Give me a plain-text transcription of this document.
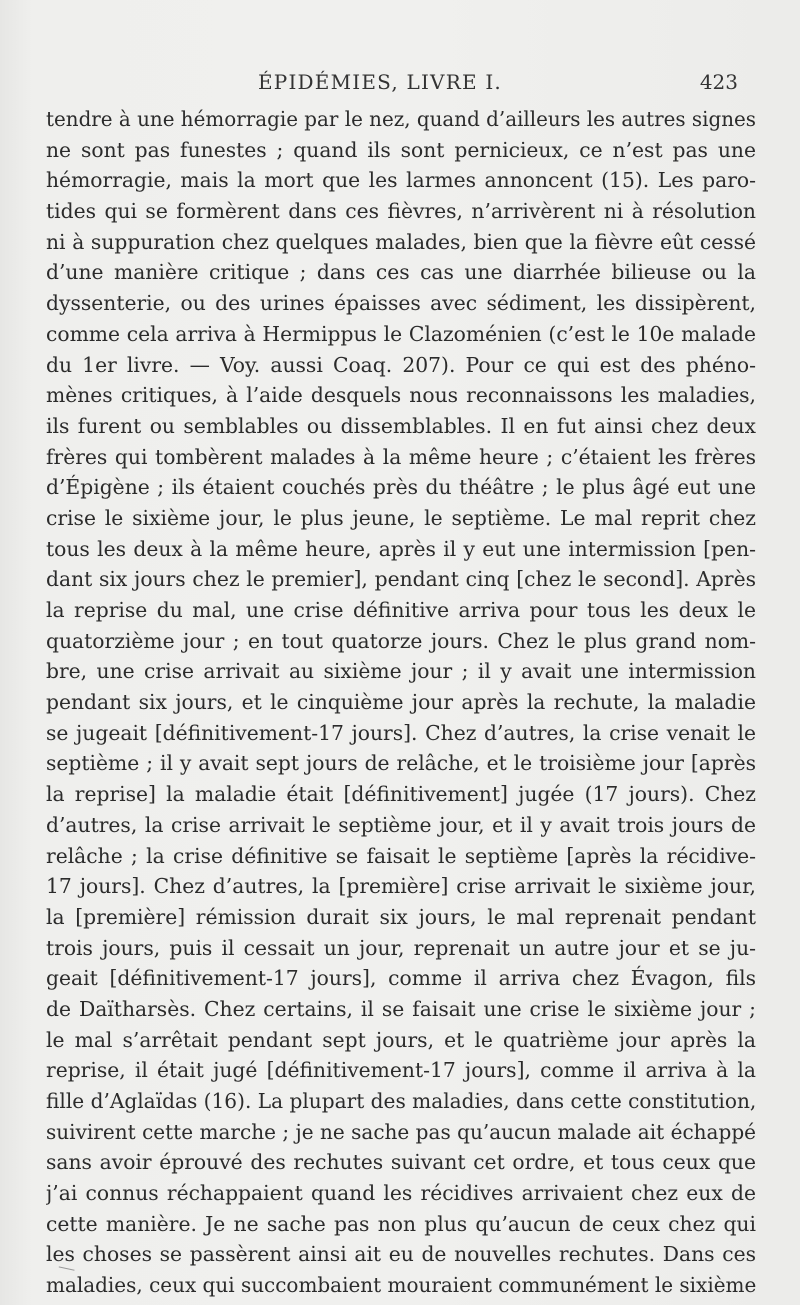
ÉPIDÉMIES, LIVRE I.	423
tendre à une hémorragie par le nez, quand d’ailleurs les autres signes
ne sont pas funestes ; quand ils sont pernicieux, ce n’est pas une
hémorragie, mais la mort que les larmes annoncent (15). Les paro-
tides qui se formèrent dans ces fièvres, n’arrivèrent ni à résolution
ni à suppuration chez quelques malades, bien que la fièvre eût cessé
d’une manière critique ; dans ces cas une diarrhée bilieuse ou la
dyssenterie, ou des urines épaisses avec sédiment, les dissipèrent,
comme cela arriva à Hermippus le Clazoménien (c’est le 10e malade
du 1er livre. — Voy. aussi Coaq. 207). Pour ce qui est des phéno-
mènes critiques, à l’aide desquels nous reconnaissons les maladies,
ils furent ou semblables ou dissemblables. Il en fut ainsi chez deux
frères qui tombèrent malades à la même heure ; c’étaient les frères
d’Épigène ; ils étaient couchés près du théâtre ; le plus âgé eut une
crise le sixième jour, le plus jeune, le septième. Le mal reprit chez
tous les deux à la même heure, après il y eut une intermission [pen-
dant six jours chez le premier], pendant cinq [chez le second]. Après
la reprise du mal, une crise définitive arriva pour tous les deux le
quatorzième jour ; en tout quatorze jours. Chez le plus grand nom-
bre, une crise arrivait au sixième jour ; il y avait une intermission
pendant six jours, et le cinquième jour après la rechute, la maladie
se jugeait [définitivement-17 jours]. Chez d’autres, la crise venait le
septième ; il y avait sept jours de relâche, et le troisième jour [après
la reprise] la maladie était [définitivement] jugée (17 jours). Chez
d’autres, la crise arrivait le septième jour, et il y avait trois jours de
relâche ; la crise définitive se faisait le septième [après la récidive-
17 jours]. Chez d’autres, la [première] crise arrivait le sixième jour,
la [première] rémission durait six jours, le mal reprenait pendant
trois jours, puis il cessait un jour, reprenait un autre jour et se ju-
geait [définitivement-17 jours], comme il arriva chez Évagon, fils
de Daïtharsès. Chez certains, il se faisait une crise le sixième jour ;
le mal s’arrêtait pendant sept jours, et le quatrième jour après la
reprise, il était jugé [définitivement-17 jours], comme il arriva à la
fille d’Aglaïdas (16). La plupart des maladies, dans cette constitution,
suivirent cette marche ; je ne sache pas qu’aucun malade ait échappé
sans avoir éprouvé des rechutes suivant cet ordre, et tous ceux que
j’ai connus réchappaient quand les récidives arrivaient chez eux de
cette manière. Je ne sache pas non plus qu’aucun de ceux chez qui
les choses se passèrent ainsi ait eu de nouvelles rechutes. Dans ces
maladies, ceux qui succombaient mouraient communément le sixième
